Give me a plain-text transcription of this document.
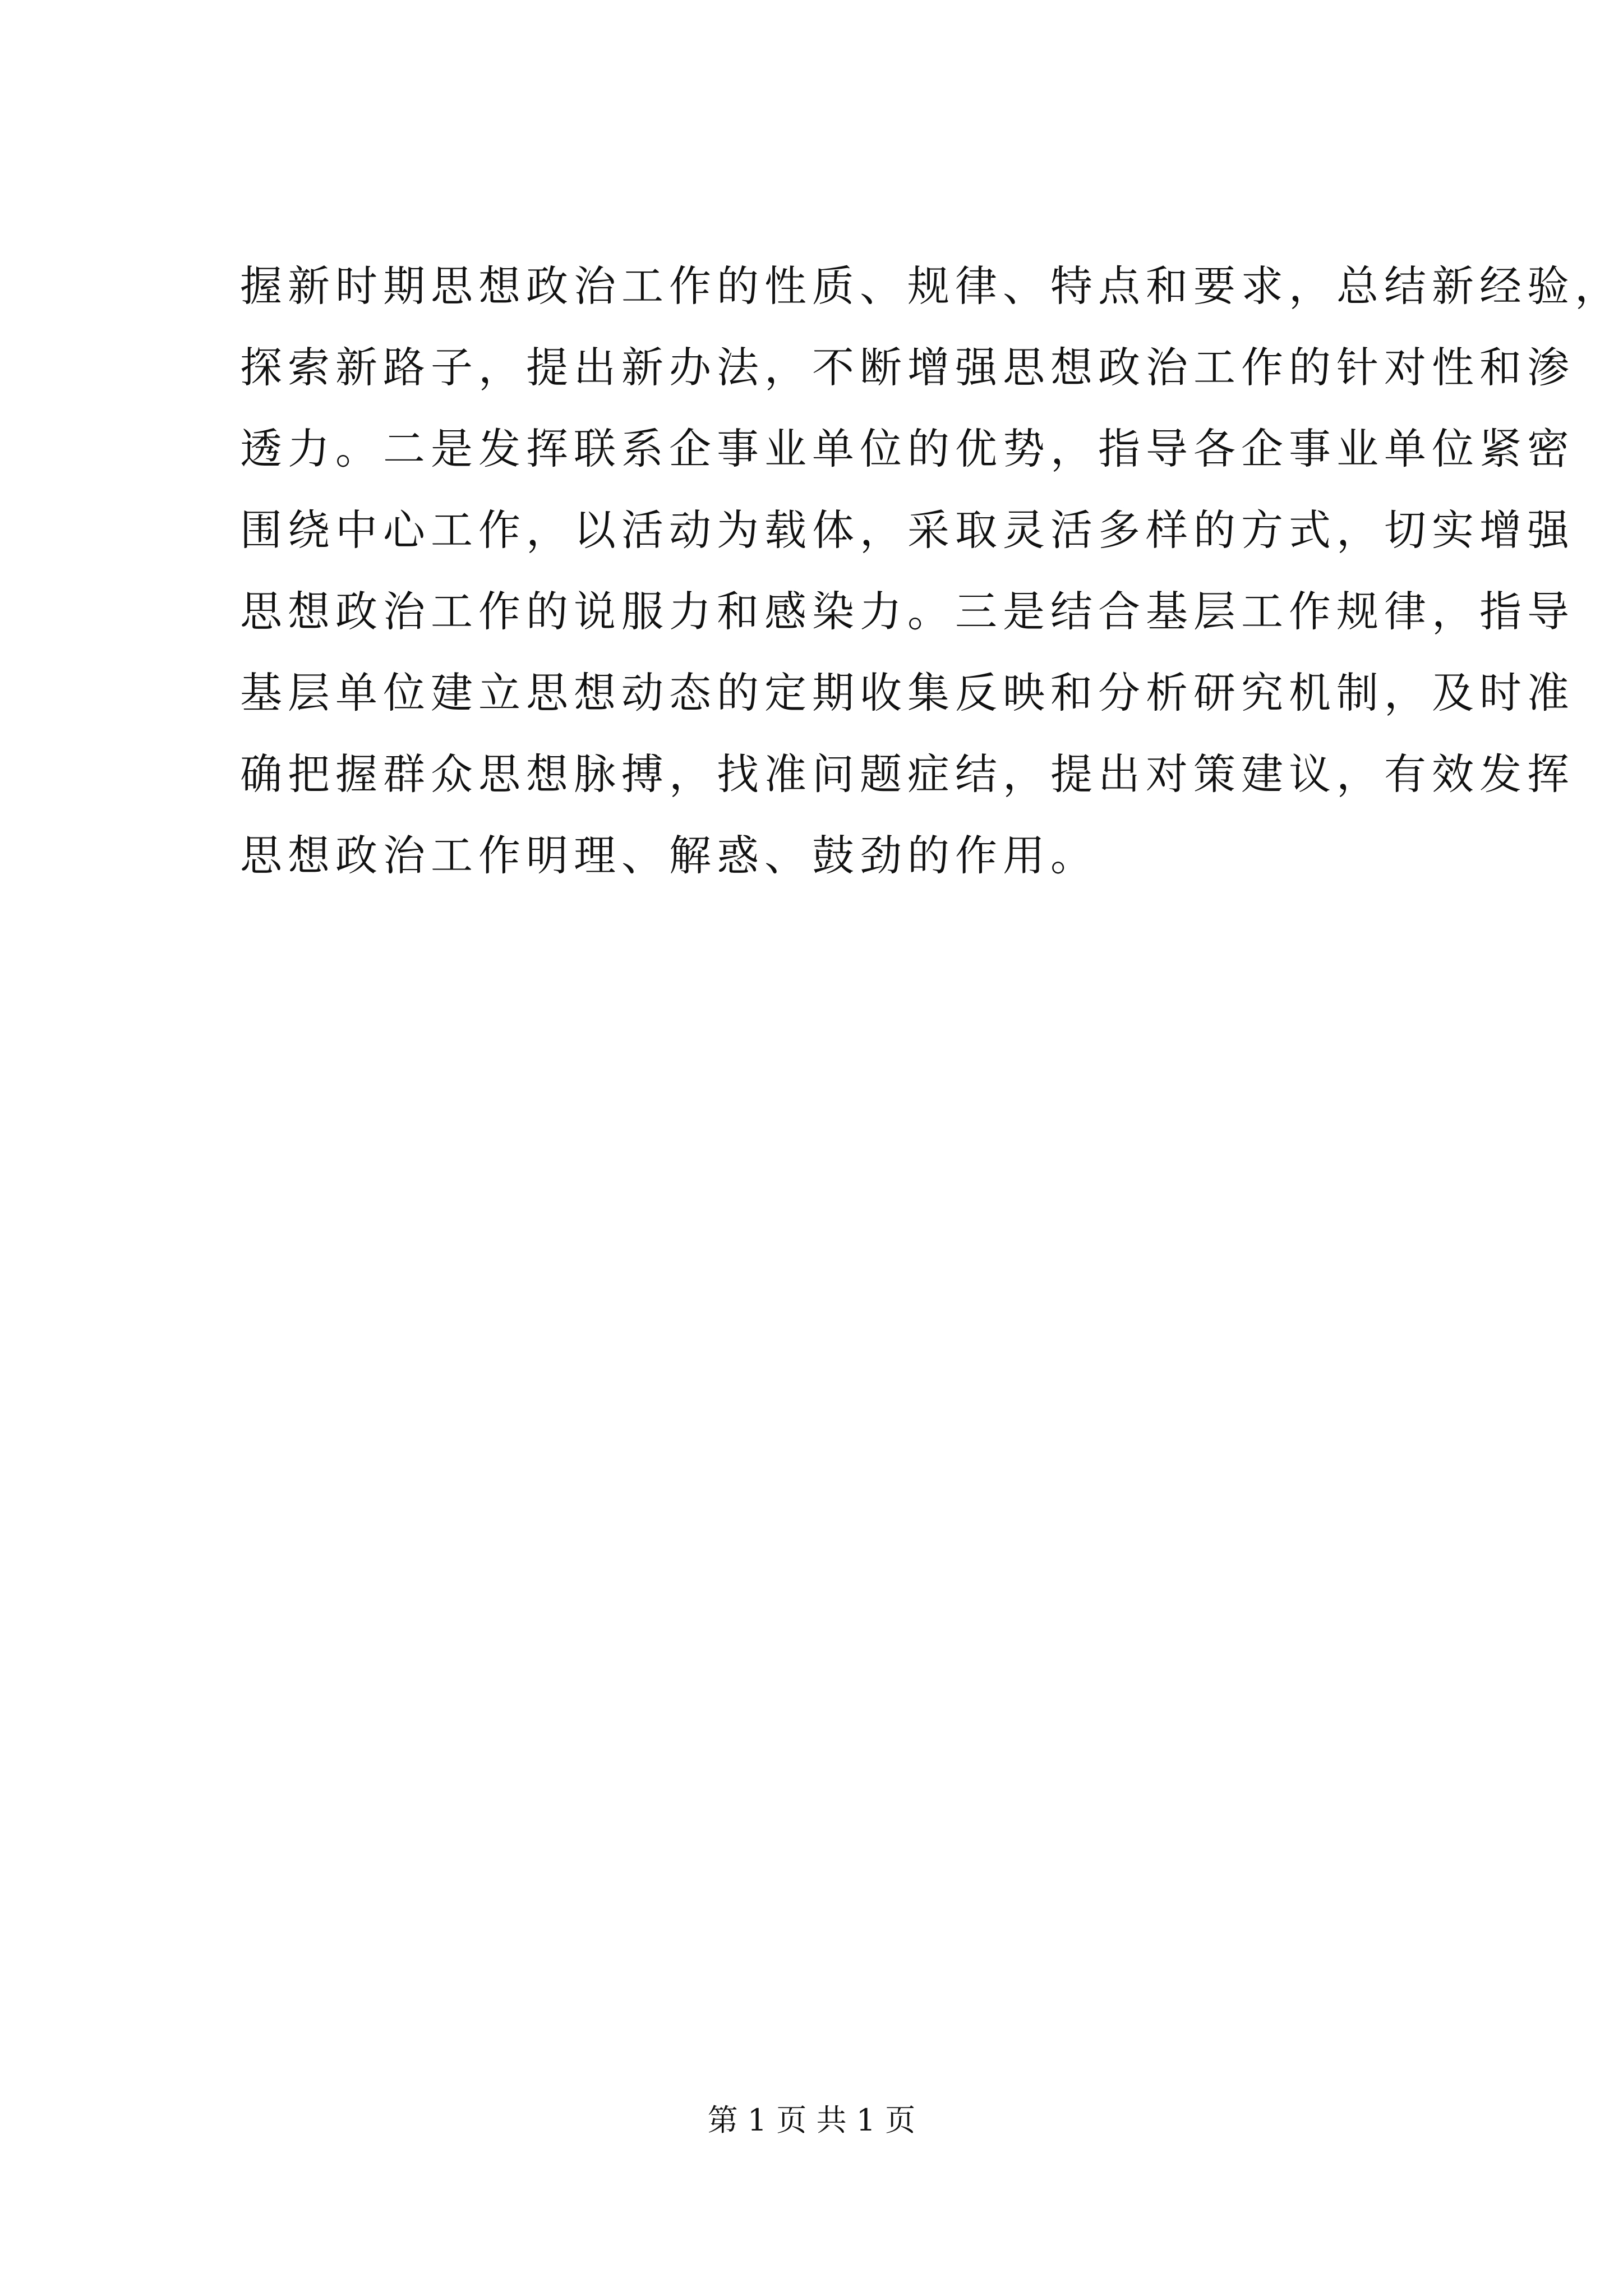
握新时期思想政治工作的性质、规律、特点和要求，总结新经验，
探索新路子，提出新办法，不断增强思想政治工作的针对性和渗
透力。二是发挥联系企事业单位的优势，指导各企事业单位紧密
围绕中心工作，以活动为载体，采取灵活多样的方式，切实增强
思想政治工作的说服力和感染力。三是结合基层工作规律，指导
基层单位建立思想动态的定期收集反映和分析研究机制，及时准
确把握群众思想脉搏，找准问题症结，提出对策建议，有效发挥
思想政治工作明理、解惑、鼓劲的作用。
第 1 页 共 1 页
